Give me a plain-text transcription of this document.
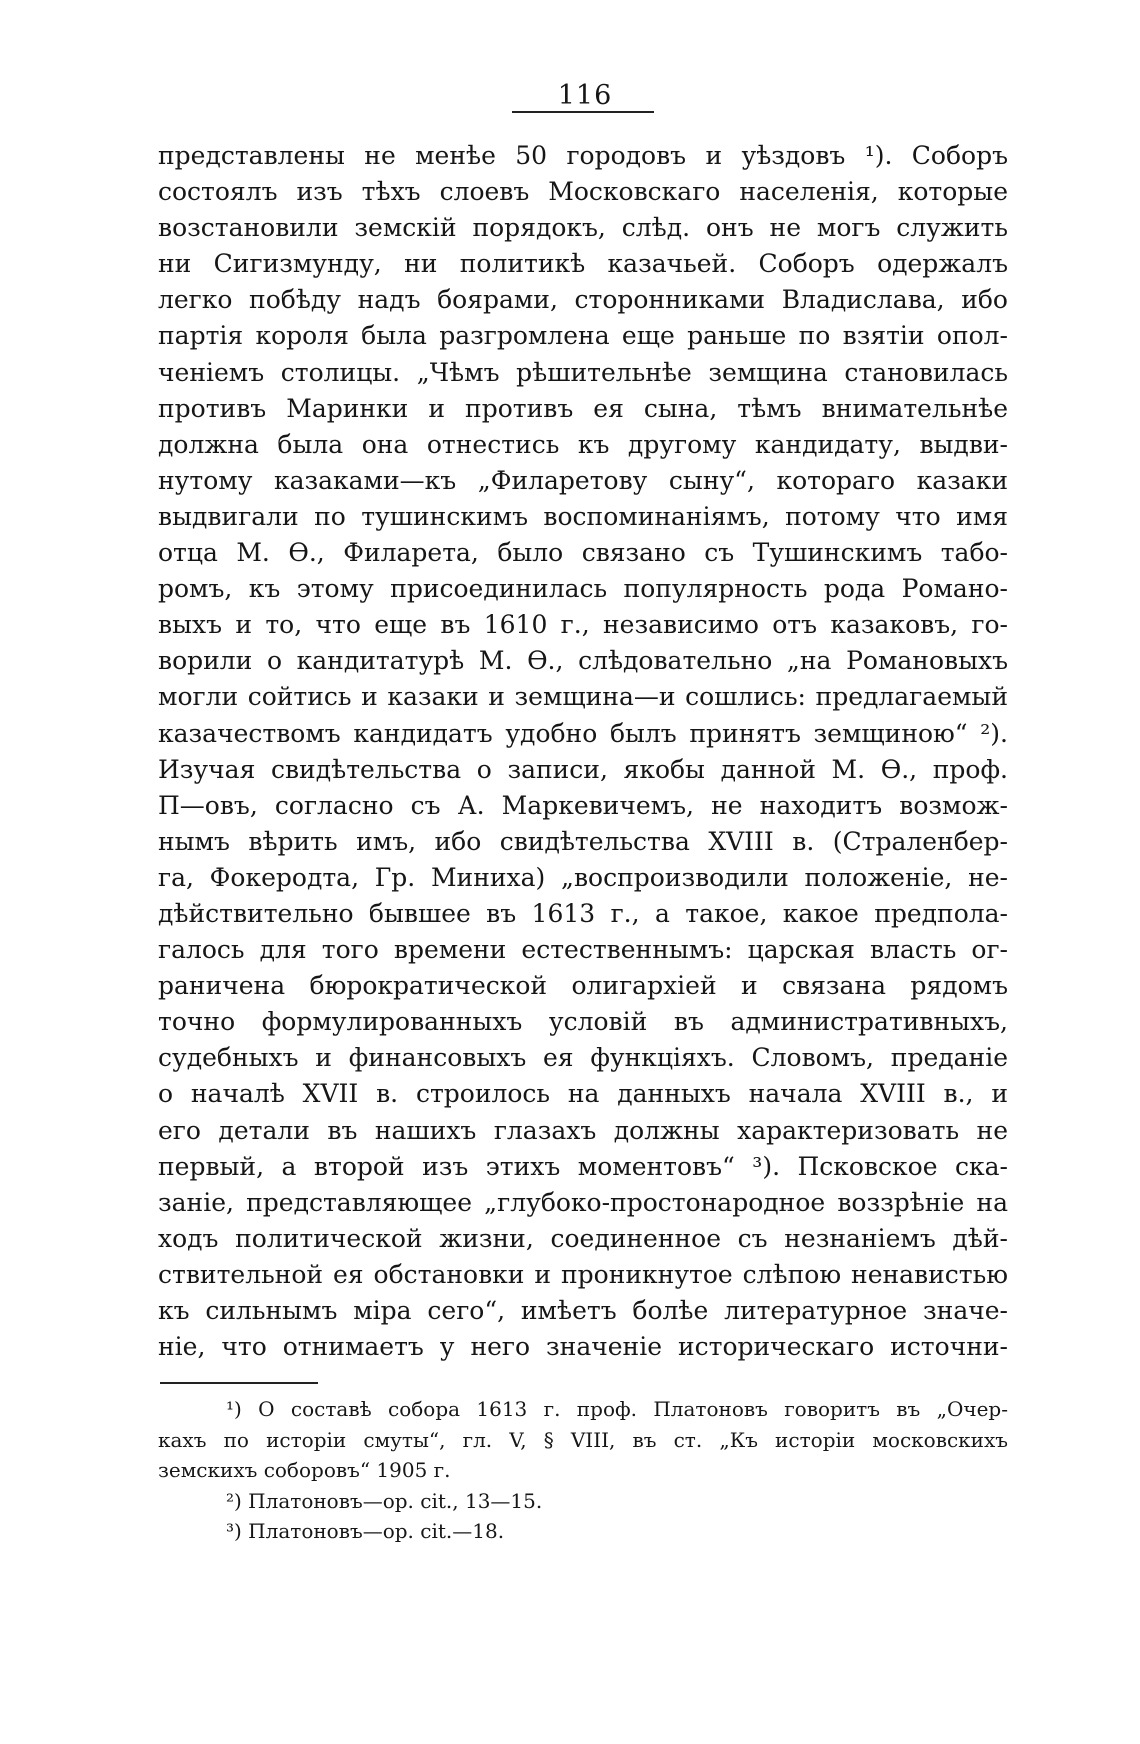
116
представлены не менѣе 50 городовъ и уѣздовъ ¹). Соборъ
состоялъ изъ тѣхъ слоевъ Московскаго населенія, которые
возстановили земскій порядокъ, слѣд. онъ не могъ служить
ни Сигизмунду, ни политикѣ казачьей. Соборъ одержалъ
легко побѣду надъ боярами, сторонниками Владислава, ибо
партія короля была разгромлена еще раньше по взятіи опол-
ченіемъ столицы. „Чѣмъ рѣшительнѣе земщина становилась
противъ Маринки и противъ ея сына, тѣмъ внимательнѣе
должна была она отнестись къ другому кандидату, выдви-
нутому казаками—къ „Филаретову сыну“, котораго казаки
выдвигали по тушинскимъ воспоминаніямъ, потому что имя
отца М. Ѳ., Филарета, было связано съ Тушинскимъ табо-
ромъ, къ этому присоединилась популярность рода Романо-
выхъ и то, что еще въ 1610 г., независимо отъ казаковъ, го-
ворили о кандитатурѣ М. Ѳ., слѣдовательно „на Романовыхъ
могли сойтись и казаки и земщина—и сошлись: предлагаемый
казачествомъ кандидатъ удобно былъ принятъ земщиною“ ²).
Изучая свидѣтельства о записи, якобы данной М. Ѳ., проф.
П—овъ, согласно съ А. Маркевичемъ, не находитъ возмож-
нымъ вѣрить имъ, ибо свидѣтельства XVIII в. (Страленбер-
га, Фокеродта, Гр. Миниха) „воспроизводили положеніе, не-
дѣйствительно бывшее въ 1613 г., а такое, какое предпола-
галось для того времени естественнымъ: царская власть ог-
раничена бюрократической олигархіей и связана рядомъ
точно формулированныхъ условій въ административныхъ,
судебныхъ и финансовыхъ ея функціяхъ. Словомъ, преданіе
о началѣ XVII в. строилось на данныхъ начала XVIII в., и
его детали въ нашихъ глазахъ должны характеризовать не
первый, а второй изъ этихъ моментовъ“ ³). Псковское ска-
заніе, представляющее „глубоко-простонародное воззрѣніе на
ходъ политической жизни, соединенное съ незнаніемъ дѣй-
ствительной ея обстановки и проникнутое слѣпою ненавистью
къ сильнымъ міра сего“, имѣетъ болѣе литературное значе-
ніе, что отнимаетъ у него значеніе историческаго источни-
¹) О составѣ собора 1613 г. проф. Платоновъ говоритъ въ „Очер-
кахъ по исторіи смуты“, гл. V, § VIII, въ ст. „Къ исторіи московскихъ
земскихъ соборовъ“ 1905 г.
²) Платоновъ—op. cit., 13—15.
³) Платоновъ—op. cit.—18.
